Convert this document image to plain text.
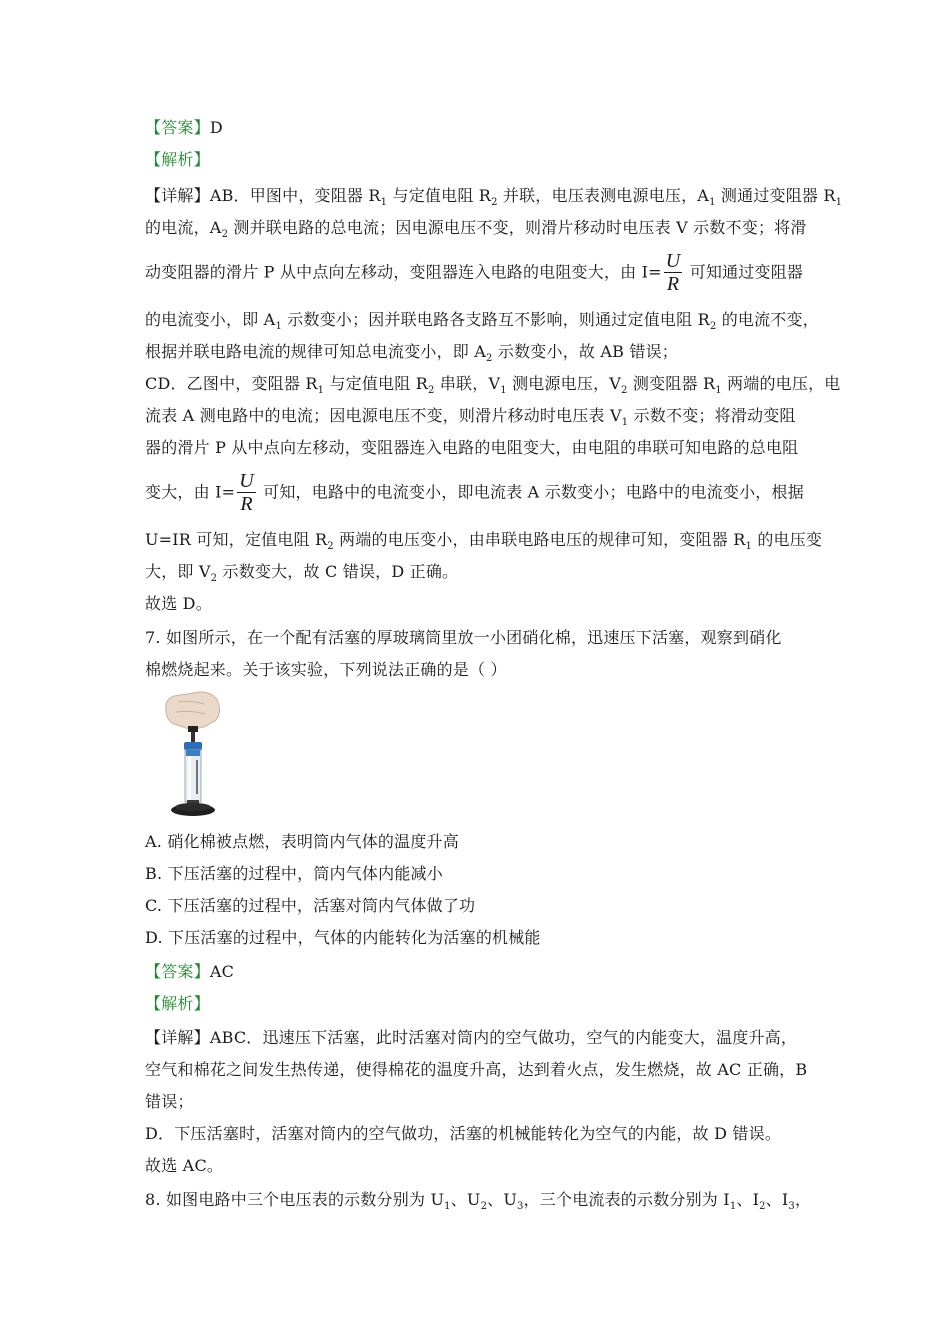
【答案】D
【解析】
【详解】AB．甲图中，变阻器 $R_1$ 与定值电阻 $R_2$ 并联，电压表测电源电压，$A_1$ 测通过变阻器 $R_1$
的电流，$A_2$ 测并联电路的总电流；因电源电压不变，则滑片移动时电压表 V 示数不变；将滑
动变阻器的滑片 P 从中点向左移动，变阻器连入电路的电阻变大，由 $I= \frac{U}{R}$ 可知通过变阻器
的电流变小，即 $A_1$ 示数变小；因并联电路各支路互不影响，则通过定值电阻 $R_2$ 的电流不变，
根据并联电路电流的规律可知总电流变小，即 $A_2$ 示数变小，故 AB 错误；
CD．乙图中，变阻器 $R_1$ 与定值电阻 $R_2$ 串联，$V_1$ 测电源电压，$V_2$ 测变阻器 $R_1$ 两端的电压，电
流表 A 测电路中的电流；因电源电压不变，则滑片移动时电压表 $V_1$ 示数不变；将滑动变阻
器的滑片 P 从中点向左移动，变阻器连入电路的电阻变大，由电阻的串联可知电路的总电阻
变大，由 $I= \frac{U}{R}$ 可知，电路中的电流变小，即电流表 A 示数变小；电路中的电流变小，根据
U=IR 可知，定值电阻 $R_2$ 两端的电压变小，由串联电路电压的规律可知，变阻器 $R_1$ 的电压变
大，即 $V_2$ 示数变大，故 C 错误，D 正确。
故选 D。
7. 如图所示，在一个配有活塞的厚玻璃筒里放一小团硝化棉，迅速压下活塞，观察到硝化
棉燃烧起来。关于该实验，下列说法正确的是（ ）
A. 硝化棉被点燃，表明筒内气体的温度升高
B. 下压活塞的过程中，筒内气体内能减小
C. 下压活塞的过程中，活塞对筒内气体做了功
D. 下压活塞的过程中，气体的内能转化为活塞的机械能
【答案】AC
【解析】
【详解】ABC．迅速压下活塞，此时活塞对筒内的空气做功，空气的内能变大，温度升高，
空气和棉花之间发生热传递，使得棉花的温度升高，达到着火点，发生燃烧，故 AC 正确，B
错误；
D．下压活塞时，活塞对筒内的空气做功，活塞的机械能转化为空气的内能，故 D 错误。
故选 AC。
8. 如图电路中三个电压表的示数分别为 $U_1$、$U_2$、$U_3$，三个电流表的示数分别为 $I_1$、$I_2$、$I_3$，
